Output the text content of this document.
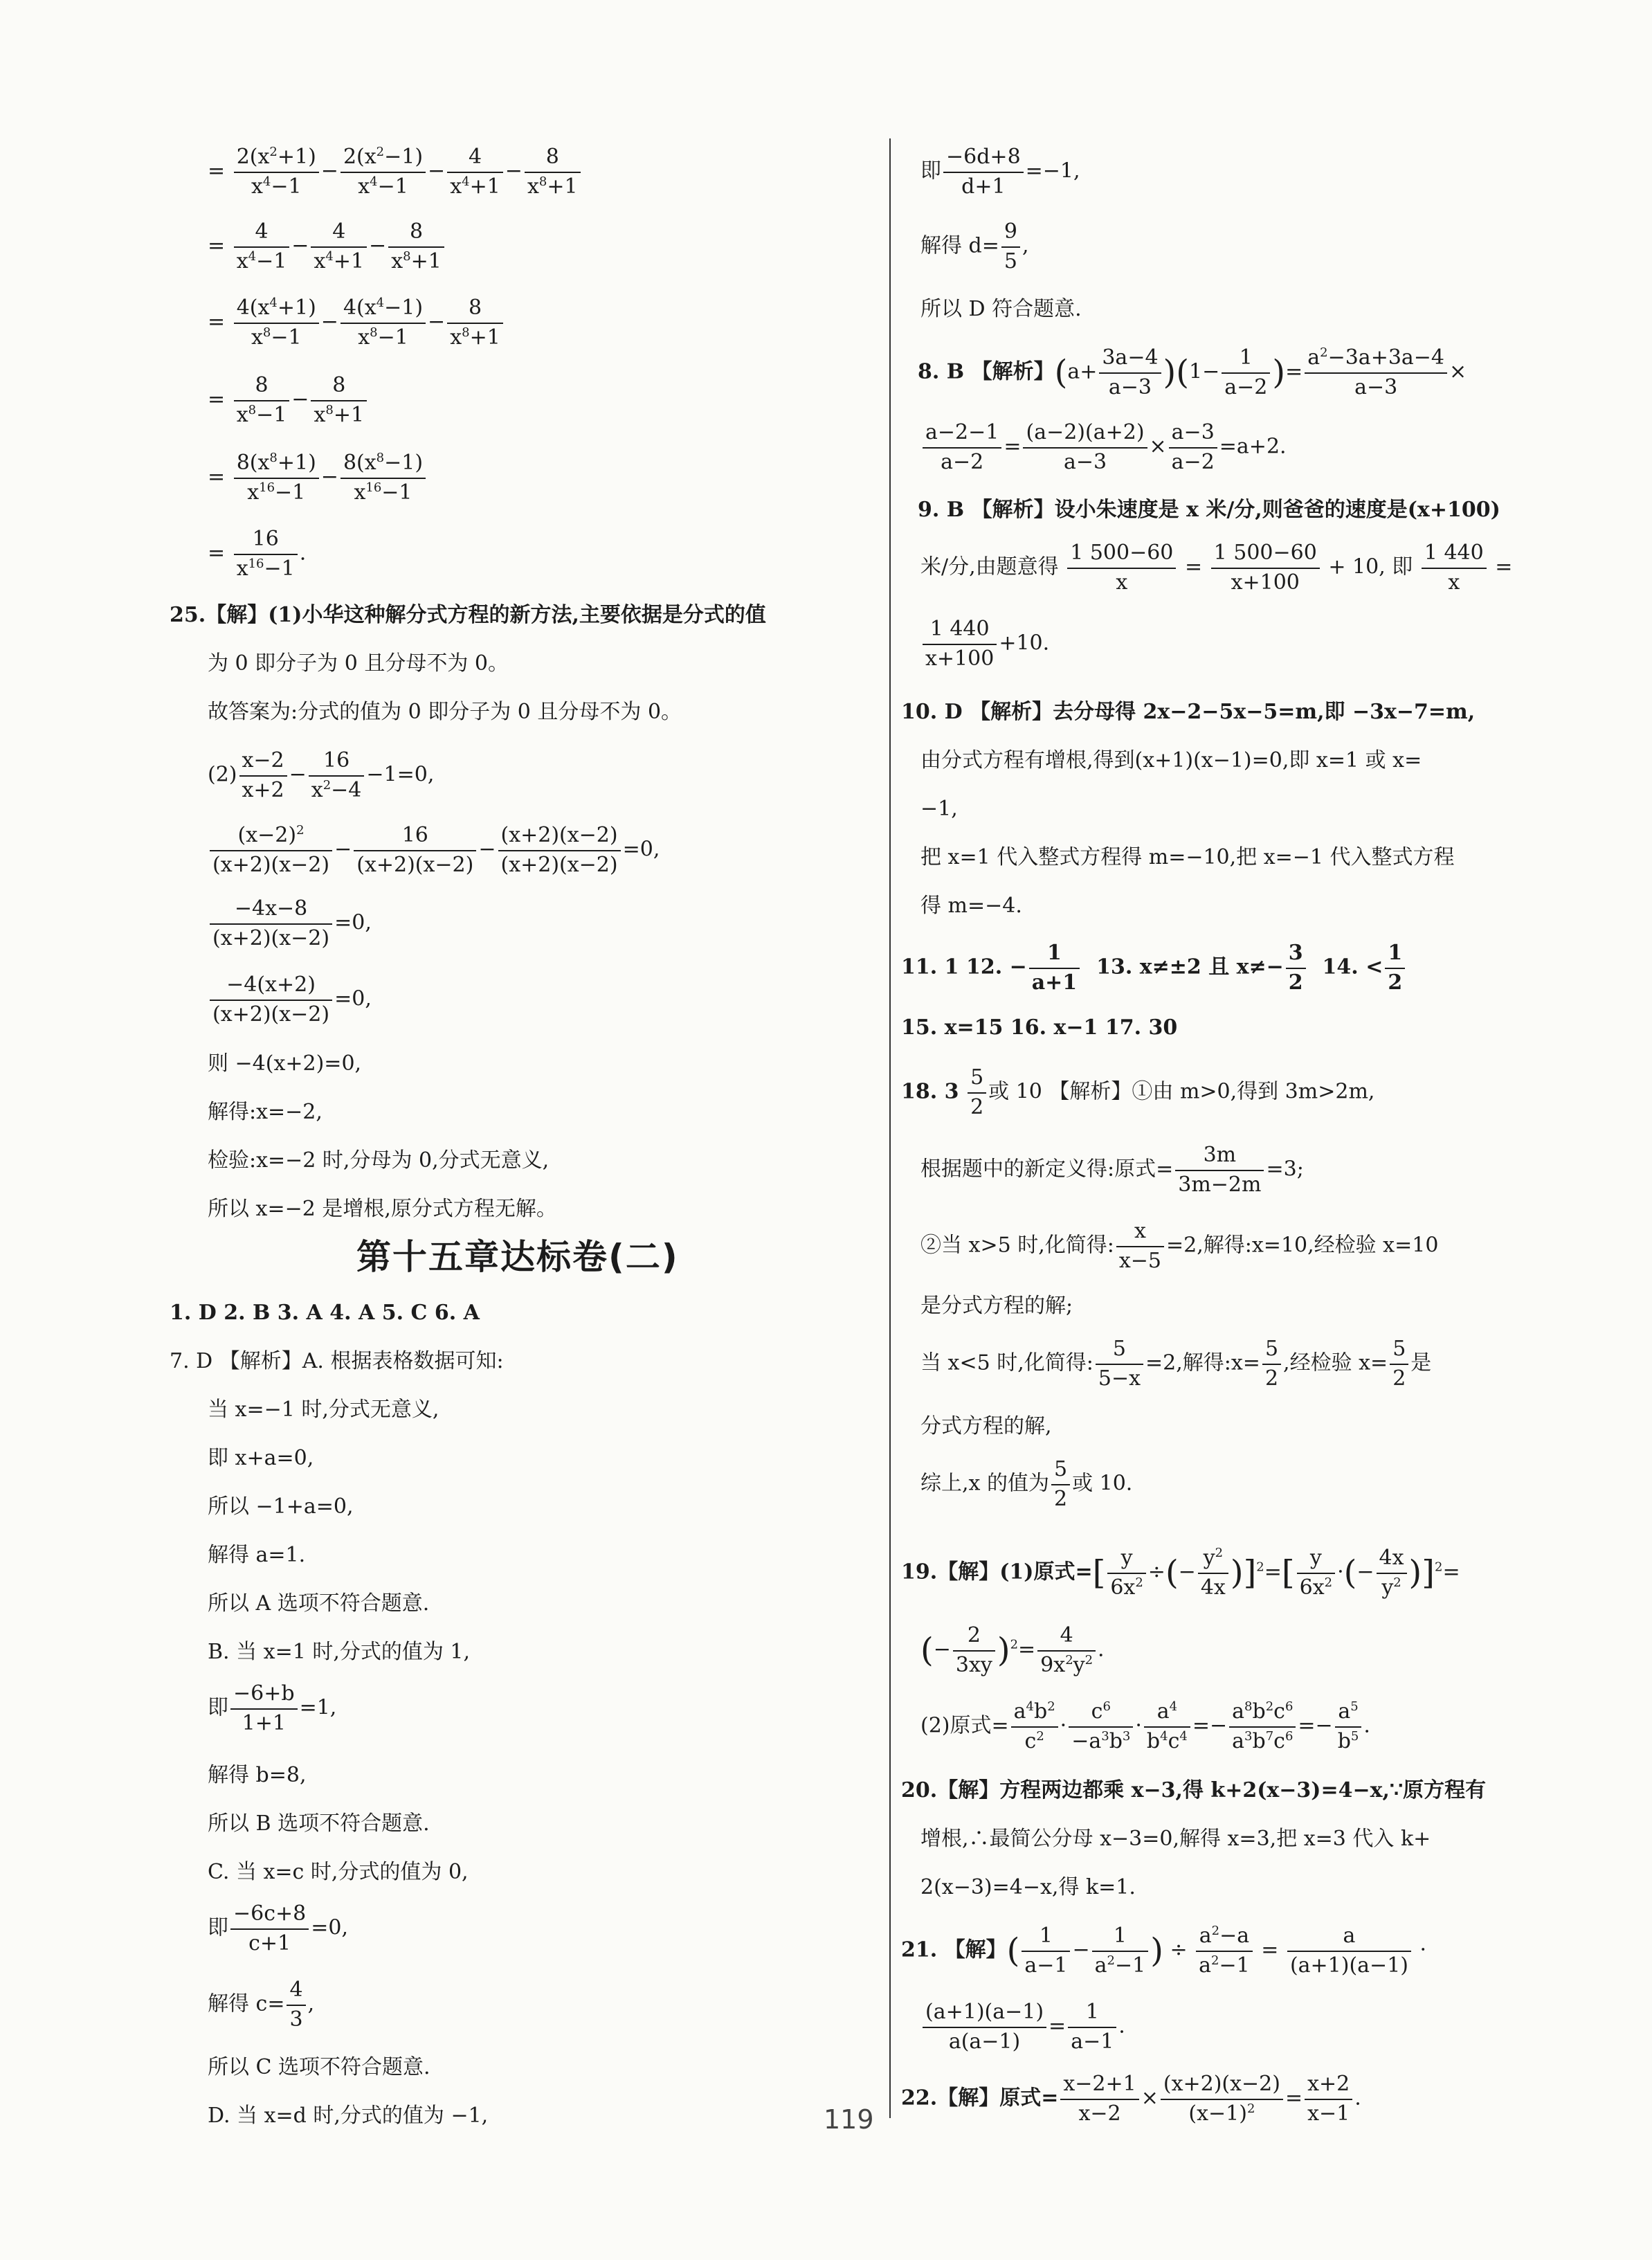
= $\frac{2(x^2+1)}{x^4-1} - \frac{2(x^2-1)}{x^4-1} - \frac{4}{x^4+1} - \frac{8}{x^8+1}$
= $\frac{4}{x^4-1} - \frac{4}{x^4+1} - \frac{8}{x^8+1}$
= $\frac{4(x^4+1)}{x^8-1} - \frac{4(x^4-1)}{x^8-1} - \frac{8}{x^8+1}$
= $\frac{8}{x^8-1} - \frac{8}{x^8+1}$
= $\frac{8(x^8+1)}{x^{16}-1} - \frac{8(x^8-1)}{x^{16}-1}$
= $\frac{16}{x^{16}-1}$ .
25.【解】(1)小华这种解分式方程的新方法,主要依据是分式的值
为 0 即分子为 0 且分母不为 0。
故答案为:分式的值为 0 即分子为 0 且分母不为 0。
$(2) \frac{x-2}{x+2} - \frac{16}{x^2-4} -1=0$,
$\frac{(x-2)^2}{(x+2)(x-2)} - \frac{16}{(x+2)(x-2)} - \frac{(x+2)(x-2)}{(x+2)(x-2)} =0$,
$\frac{-4x-8}{(x+2)(x-2)} =0$,
$\frac{-4(x+2)}{(x+2)(x-2)} =0$,
则 −4(x+2)=0,
解得:x=−2,
检验:x=−2 时,分母为 0,分式无意义,
所以 x=−2 是增根,原分式方程无解。
第十五章达标卷(二)
1. D 2. B 3. A 4. A 5. C 6. A
7. D 【解析】A. 根据表格数据可知:
当 x=−1 时,分式无意义,
即 x+a=0,
所以 −1+a=0,
解得 a=1.
所以 A 选项不符合题意.
B. 当 x=1 时,分式的值为 1,
即 $\frac{-6+b}{1+1} =1$,
解得 b=8,
所以 B 选项不符合题意.
C. 当 x=c 时,分式的值为 0,
即 $\frac{-6c+8}{c+1} =0$,
解得 $c= \frac{4}{3}$ ,
所以 C 选项不符合题意.
D. 当 x=d 时,分式的值为 −1,
即 $\frac{-6d+8}{d+1} =-1$,
解得 $d= \frac{9}{5}$ ,
所以 D 符合题意.
8. B 【解析】$(a+ \frac{3a-4}{a-3} )(1- \frac{1}{a-2}$ )= $\frac{a^2-3a+3a-4}{a-3}$ ×
$\frac{a-2-1}{a-2} = \frac{(a-2)(a+2)}{a-3} \times \frac{a-3}{a-2} =a+2$.
9. B 【解析】设小朱速度是 x 米/分,则爸爸的速度是(x+100)
米/分,由题意得 $\frac{1 500-60}{x} = \frac{1 500-60}{x+100} + 10$, 即 $\frac{1 440}{x}$ =
$\frac{1 440}{x+100} +10$.
10. D 【解析】去分母得 2x−2−5x−5=m,即 −3x−7=m,
由分式方程有增根,得到(x+1)(x−1)=0,即 x=1 或 x=
−1,
把 x=1 代入整式方程得 m=−10,把 x=−1 代入整式方程
得 m=−4.
11. 1 12. − $\frac{1}{a+1} 13$. x≠±2 且 $x\ne- \frac{3}{2} 14$. < $\frac{1}{2}$
15. x=15 16. x−1 17. 30
18. $3 \frac{5}{2}$ 或 10 【解析】①由 m>0,得到 3m>2m,
根据题中的新定义得:原式= $\frac{3m}{3m-2m} =3$;
②当 x>5 时,化简得: $\frac{x}{x-5} =2$,解得:x=10,经检验 x=10
是分式方程的解;
当 x<5 时,化简得: $\frac{5}{5-x} =2$,解得:x= $\frac{5}{2}$ ,经检验 $x= \frac{5}{2}$ 是
分式方程的解,
综上,x 的值为 $\frac{5}{2}$ 或 10.
19.【解】(1)原式=[ $\frac{y}{6x^2}$ ÷(− $\frac{y^2}{4x} )]^2=[ \frac{y}{6x^2}$ ·(− $\frac{4x}{y^2} )]^2=$
(− $\frac{2}{3xy} )^2= \frac{4}{9x^2y^2}$ .
(2)原式= $\frac{a^4b^2}{c^2} \cdot \frac{c^6}{-a^3b^3} \cdot \frac{a^4}{b^4c^4} =- \frac{a^8b^2c^6}{a^3b^7c^6} =- \frac{a^5}{b^5}$ .
20.【解】方程两边都乘 x−3,得 k+2(x−3)=4−x,∵原方程有
增根,∴最简公分母 x−3=0,解得 x=3,把 x=3 代入 k+
2(x−3)=4−x,得 k=1.
21. 【解】( $\frac{1}{a-1} - \frac{1}{a^2-1}$ ) ÷ $\frac{a^2-a}{a^2-1} = \frac{a}{(a+1)(a-1)}$ ·
$\frac{(a+1)(a-1)}{a(a-1)} = \frac{1}{a-1}$ .
22.【解】原式= $\frac{x-2+1}{x-2} \times \frac{(x+2)(x-2)}{(x-1)^2} = \frac{x+2}{x-1}$ .
119
